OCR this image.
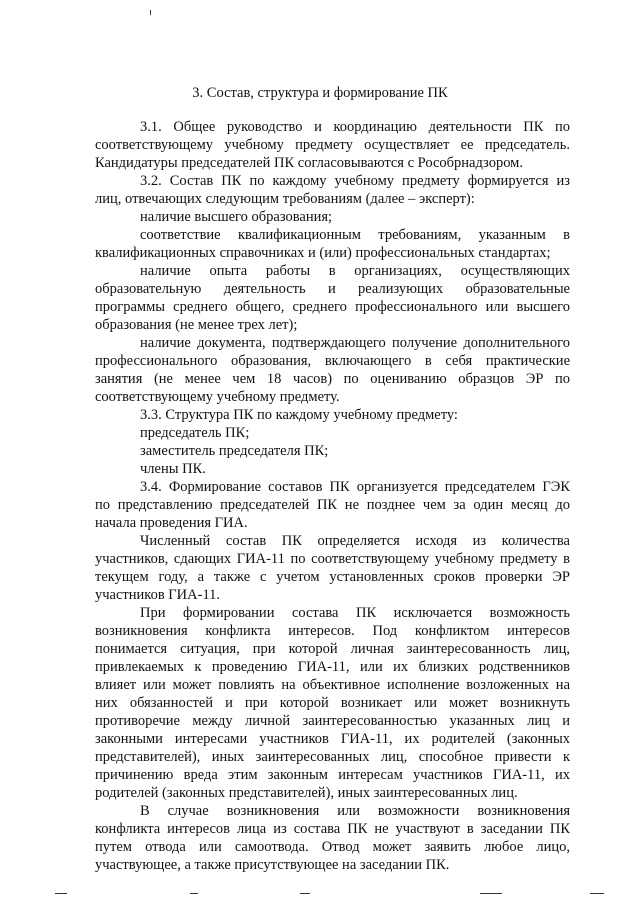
3. Состав, структура и формирование ПК
3.1. Общее руководство и координацию деятельности ПК по
соответствующему учебному предмету осуществляет ее председатель.
Кандидатуры председателей ПК согласовываются с Рособрнадзором.
3.2. Состав ПК по каждому учебному предмету формируется из
лиц, отвечающих следующим требованиям (далее – эксперт):
наличие высшего образования;
соответствие квалификационным требованиям, указанным в
квалификационных справочниках и (или) профессиональных стандартах;
наличие опыта работы в организациях, осуществляющих
образовательную деятельность и реализующих образовательные
программы среднего общего, среднего профессионального или высшего
образования (не менее трех лет);
наличие документа, подтверждающего получение дополнительного
профессионального образования, включающего в себя практические
занятия (не менее чем 18 часов) по оцениванию образцов ЭР по
соответствующему учебному предмету.
3.3. Структура ПК по каждому учебному предмету:
председатель ПК;
заместитель председателя ПК;
члены ПК.
3.4. Формирование составов ПК организуется председателем ГЭК
по представлению председателей ПК не позднее чем за один месяц до
начала проведения ГИА.
Численный состав ПК определяется исходя из количества
участников, сдающих ГИА-11 по соответствующему учебному предмету в
текущем году, а также с учетом установленных сроков проверки ЭР
участников ГИА-11.
При формировании состава ПК исключается возможность
возникновения конфликта интересов. Под конфликтом интересов
понимается ситуация, при которой личная заинтересованность лиц,
привлекаемых к проведению ГИА-11, или их близких родственников
влияет или может повлиять на объективное исполнение возложенных на
них обязанностей и при которой возникает или может возникнуть
противоречие между личной заинтересованностью указанных лиц и
законными интересами участников ГИА-11, их родителей (законных
представителей), иных заинтересованных лиц, способное привести к
причинению вреда этим законным интересам участников ГИА-11, их
родителей (законных представителей), иных заинтересованных лиц.
В случае возникновения или возможности возникновения
конфликта интересов лица из состава ПК не участвуют в заседании ПК
путем отвода или самоотвода. Отвод может заявить любое лицо,
участвующее, а также присутствующее на заседании ПК.
